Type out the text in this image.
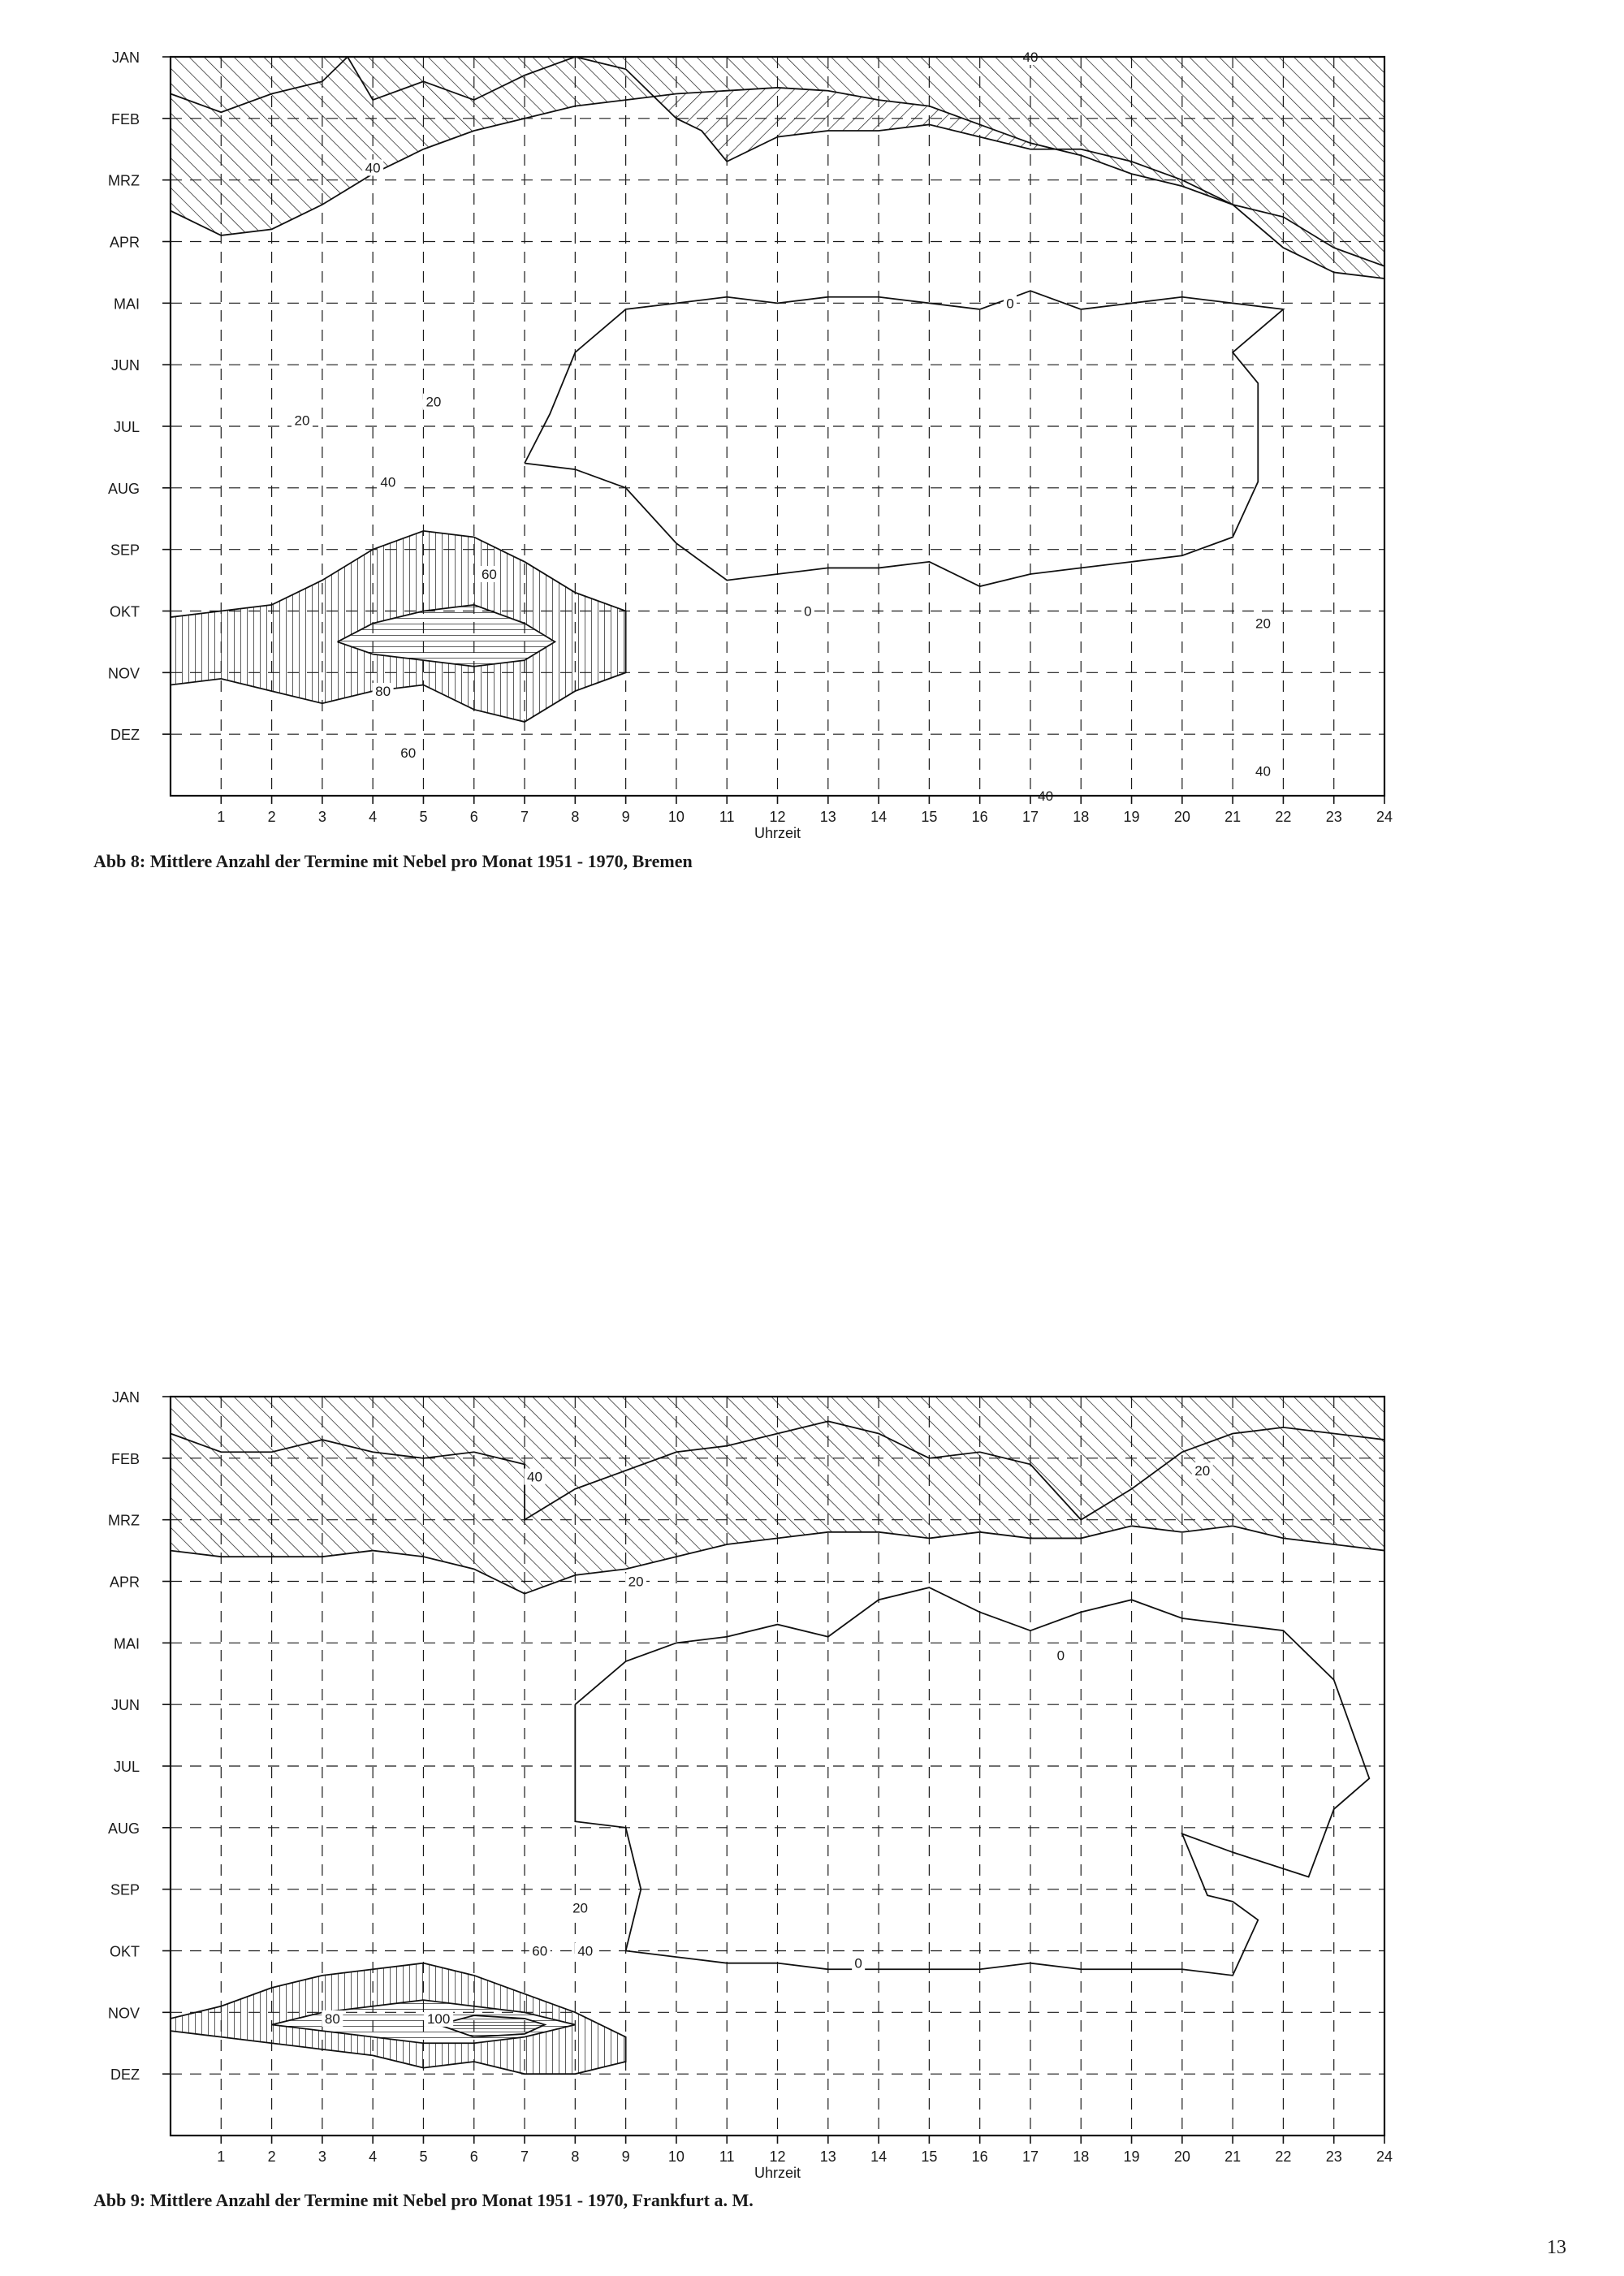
40
40
20
20
40
60
0
0
20
80
60
40
40
1	2	3	4	5	6	7	8	9	10 11 12 13 14 15 16 17 18 19 20 21 22 23 24
JAN
FEB
MRZ
APR
MAI
JUN
JUL
AUG
SEP
OKT
NOV
DEZ
Uhrzeit
Abb 8: Mittlere Anzahl der Termine mit Nebel pro Monat 1951 - 1970, Bremen
40	20
20
0
20
60 40
0
80	100
1	2	3	4	5	6	7	8	9	10 11 12 13 14 15 16 17 18 19 20 21 22 23 24
JAN
FEB
MRZ
APR
MAI
JUN
JUL
AUG
SEP
OKT
NOV
DEZ
Uhrzeit
Abb 9: Mittlere Anzahl der Termine mit Nebel pro Monat 1951 - 1970, Frankfurt a. M.
13
